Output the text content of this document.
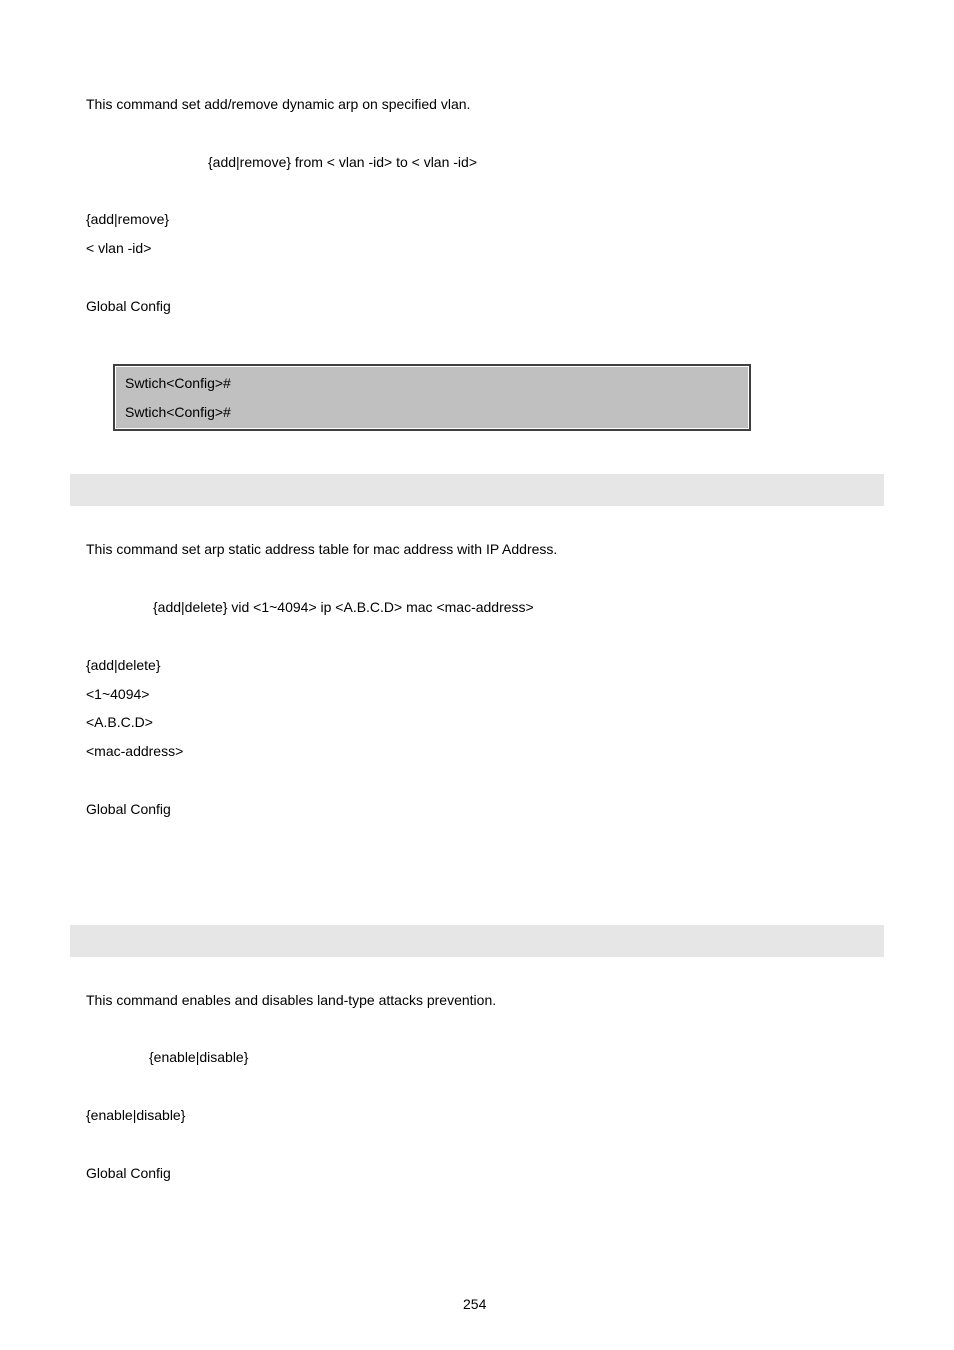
This command set add/remove dynamic arp on specified vlan.
{add|remove} from < vlan -id> to < vlan -id>
{add|remove}
< vlan -id>
Global Config
Swtich<Config>#
Swtich<Config>#
This command set arp static address table for mac address with IP Address.
{add|delete} vid <1~4094> ip <A.B.C.D> mac <mac-address>
{add|delete}
<1~4094>
<A.B.C.D>
<mac-address>
Global Config
This command enables and disables land-type attacks prevention.
{enable|disable}
{enable|disable}
Global Config
254
